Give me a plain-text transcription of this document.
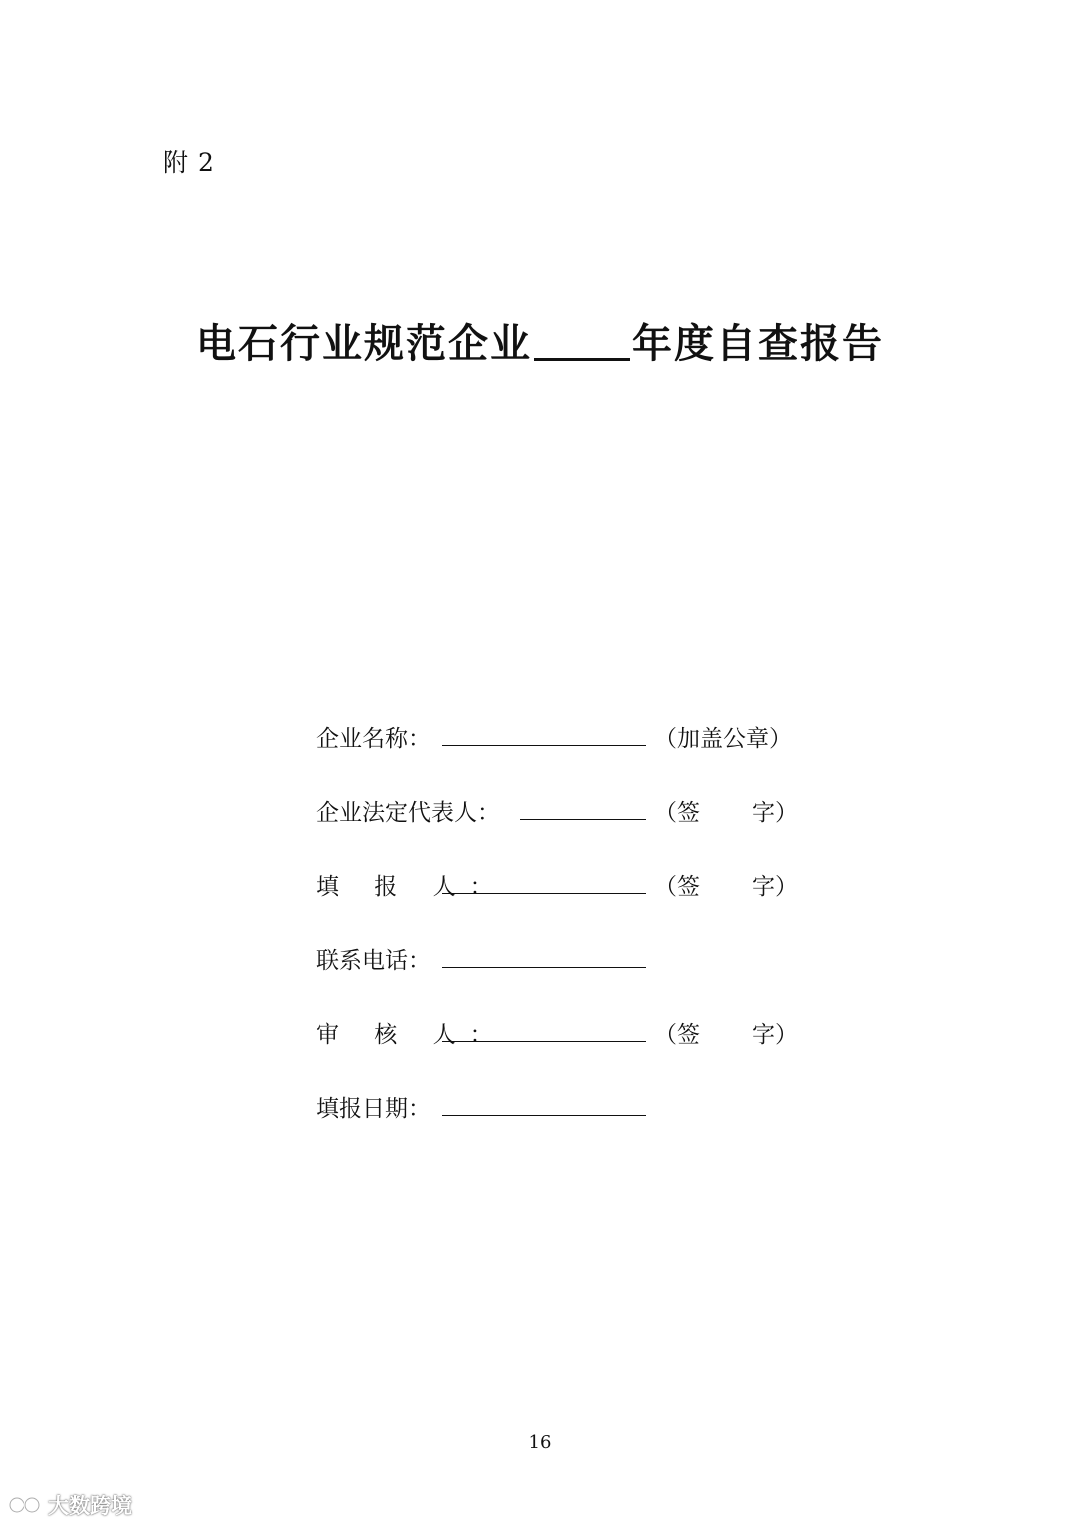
附 2
电石行业规范企业	年度自查报告
企业名称：	（加盖公章）
企业法定代表人：	（签 字）
填 报 人：	（签 字）
联系电话：
审 核 人：	（签 字）
填报日期：
16
大数跨境
